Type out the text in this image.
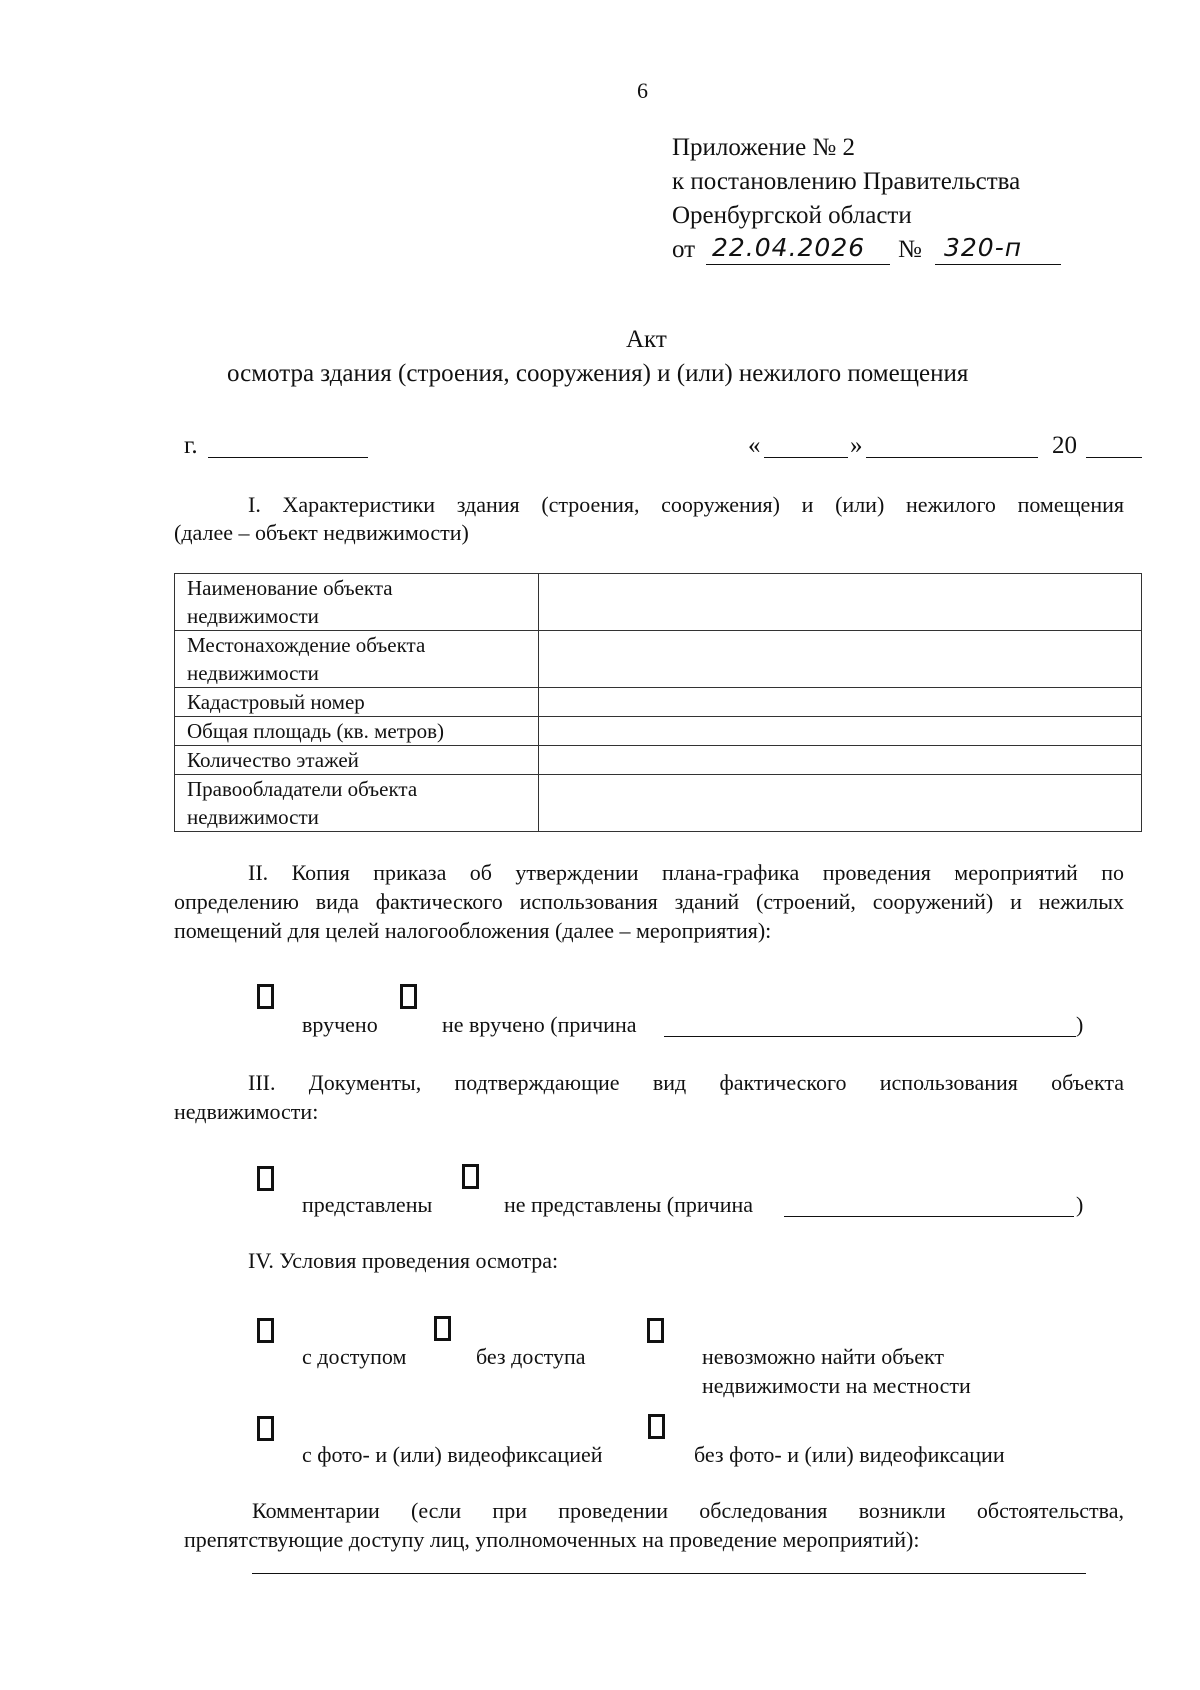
6
Приложение № 2
к постановлению Правительства
Оренбургской области
от 22.04.2026 № 320-п
Акт
осмотра здания (строения, сооружения) и (или) нежилого помещения
г.	«	»	20
I. Характеристики здания (строения, сооружения) и (или) нежилого помещения
(далее – объект недвижимости)
Наименование объекта
недвижимости	
Местонахождение объекта
недвижимости	
Кадастровый номер	
Общая площадь (кв. метров)	
Количество этажей	
Правообладатели объекта
недвижимости	
II. Копия приказа об утверждении плана-графика проведения мероприятий по
определению вида фактического использования зданий (строений, сооружений) и нежилых
помещений для целей налогообложения (далее – мероприятия):
вручено	не вручено (причина	)
III. Документы, подтверждающие вид фактического использования объекта
недвижимости:
представлены	не представлены (причина	)
IV. Условия проведения осмотра:
с доступом	без доступа	невозможно найти объект
недвижимости на местности
с фото- и (или) видеофиксацией	без фото- и (или) видеофиксации
Комментарии (если при проведении обследования возникли обстоятельства,
препятствующие доступу лиц, уполномоченных на проведение мероприятий):
